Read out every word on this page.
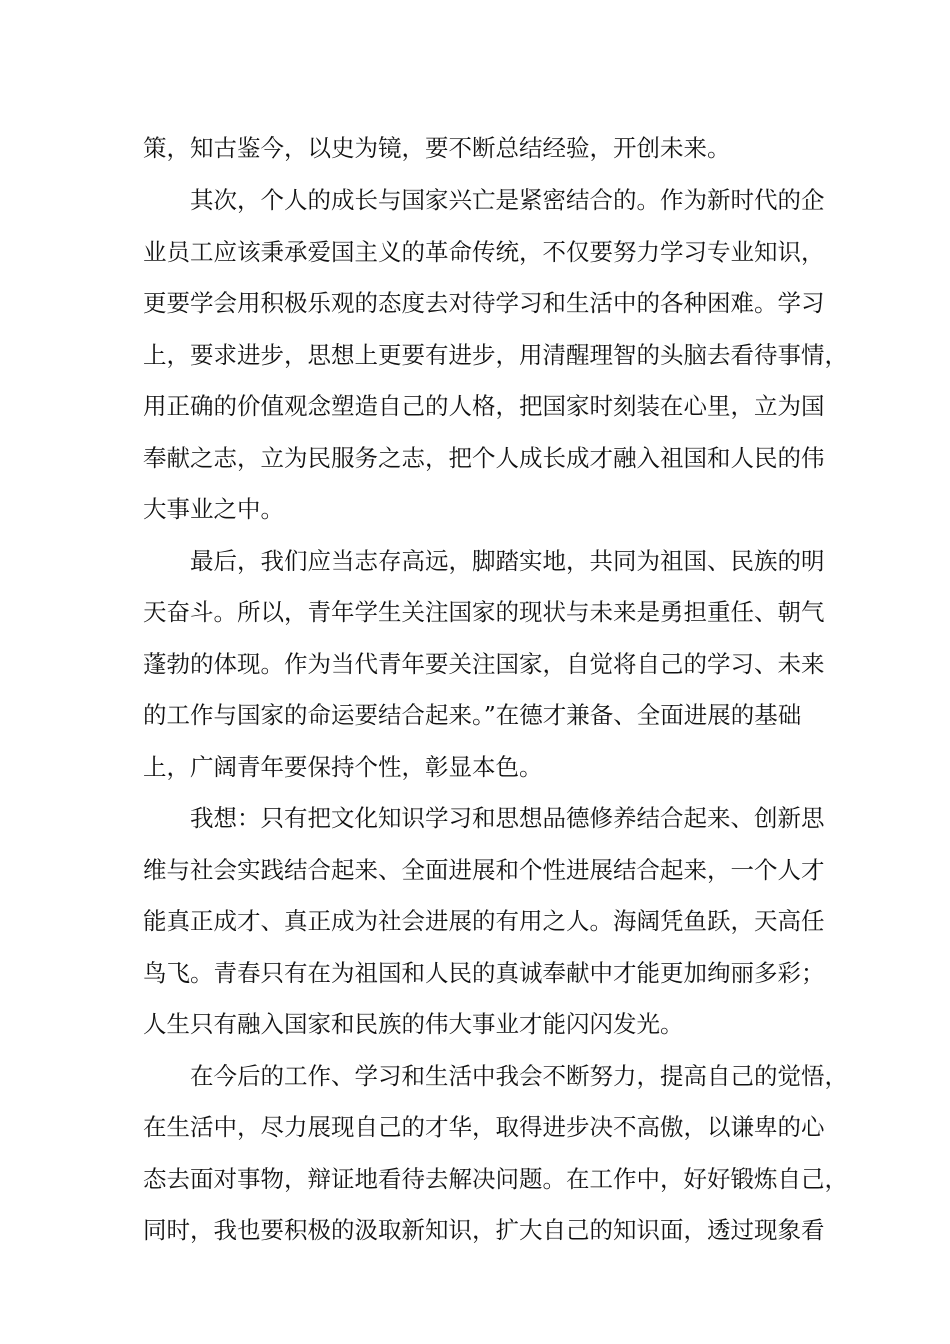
策，知古鉴今，以史为镜，要不断总结经验，开创未来。
其次，个人的成长与国家兴亡是紧密结合的。作为新时代的企
业员工应该秉承爱国主义的革命传统，不仅要努力学习专业知识，
更要学会用积极乐观的态度去对待学习和生活中的各种困难。学习
上，要求进步，思想上更要有进步，用清醒理智的头脑去看待事情，
用正确的价值观念塑造自己的人格，把国家时刻装在心里，立为国
奉献之志，立为民服务之志，把个人成长成才融入祖国和人民的伟
大事业之中。
最后，我们应当志存高远，脚踏实地，共同为祖国、民族的明
天奋斗。所以，青年学生关注国家的现状与未来是勇担重任、朝气
蓬勃的体现。作为当代青年要关注国家，自觉将自己的学习、未来
的工作与国家的命运要结合起来。”在德才兼备、全面进展的基础
上，广阔青年要保持个性，彰显本色。
我想：只有把文化知识学习和思想品德修养结合起来、创新思
维与社会实践结合起来、全面进展和个性进展结合起来，一个人才
能真正成才、真正成为社会进展的有用之人。海阔凭鱼跃，天高任
鸟飞。青春只有在为祖国和人民的真诚奉献中才能更加绚丽多彩；
人生只有融入国家和民族的伟大事业才能闪闪发光。
在今后的工作、学习和生活中我会不断努力，提高自己的觉悟，
在生活中，尽力展现自己的才华，取得进步决不高傲，以谦卑的心
态去面对事物，辩证地看待去解决问题。在工作中，好好锻炼自己，
同时，我也要积极的汲取新知识，扩大自己的知识面，透过现象看
